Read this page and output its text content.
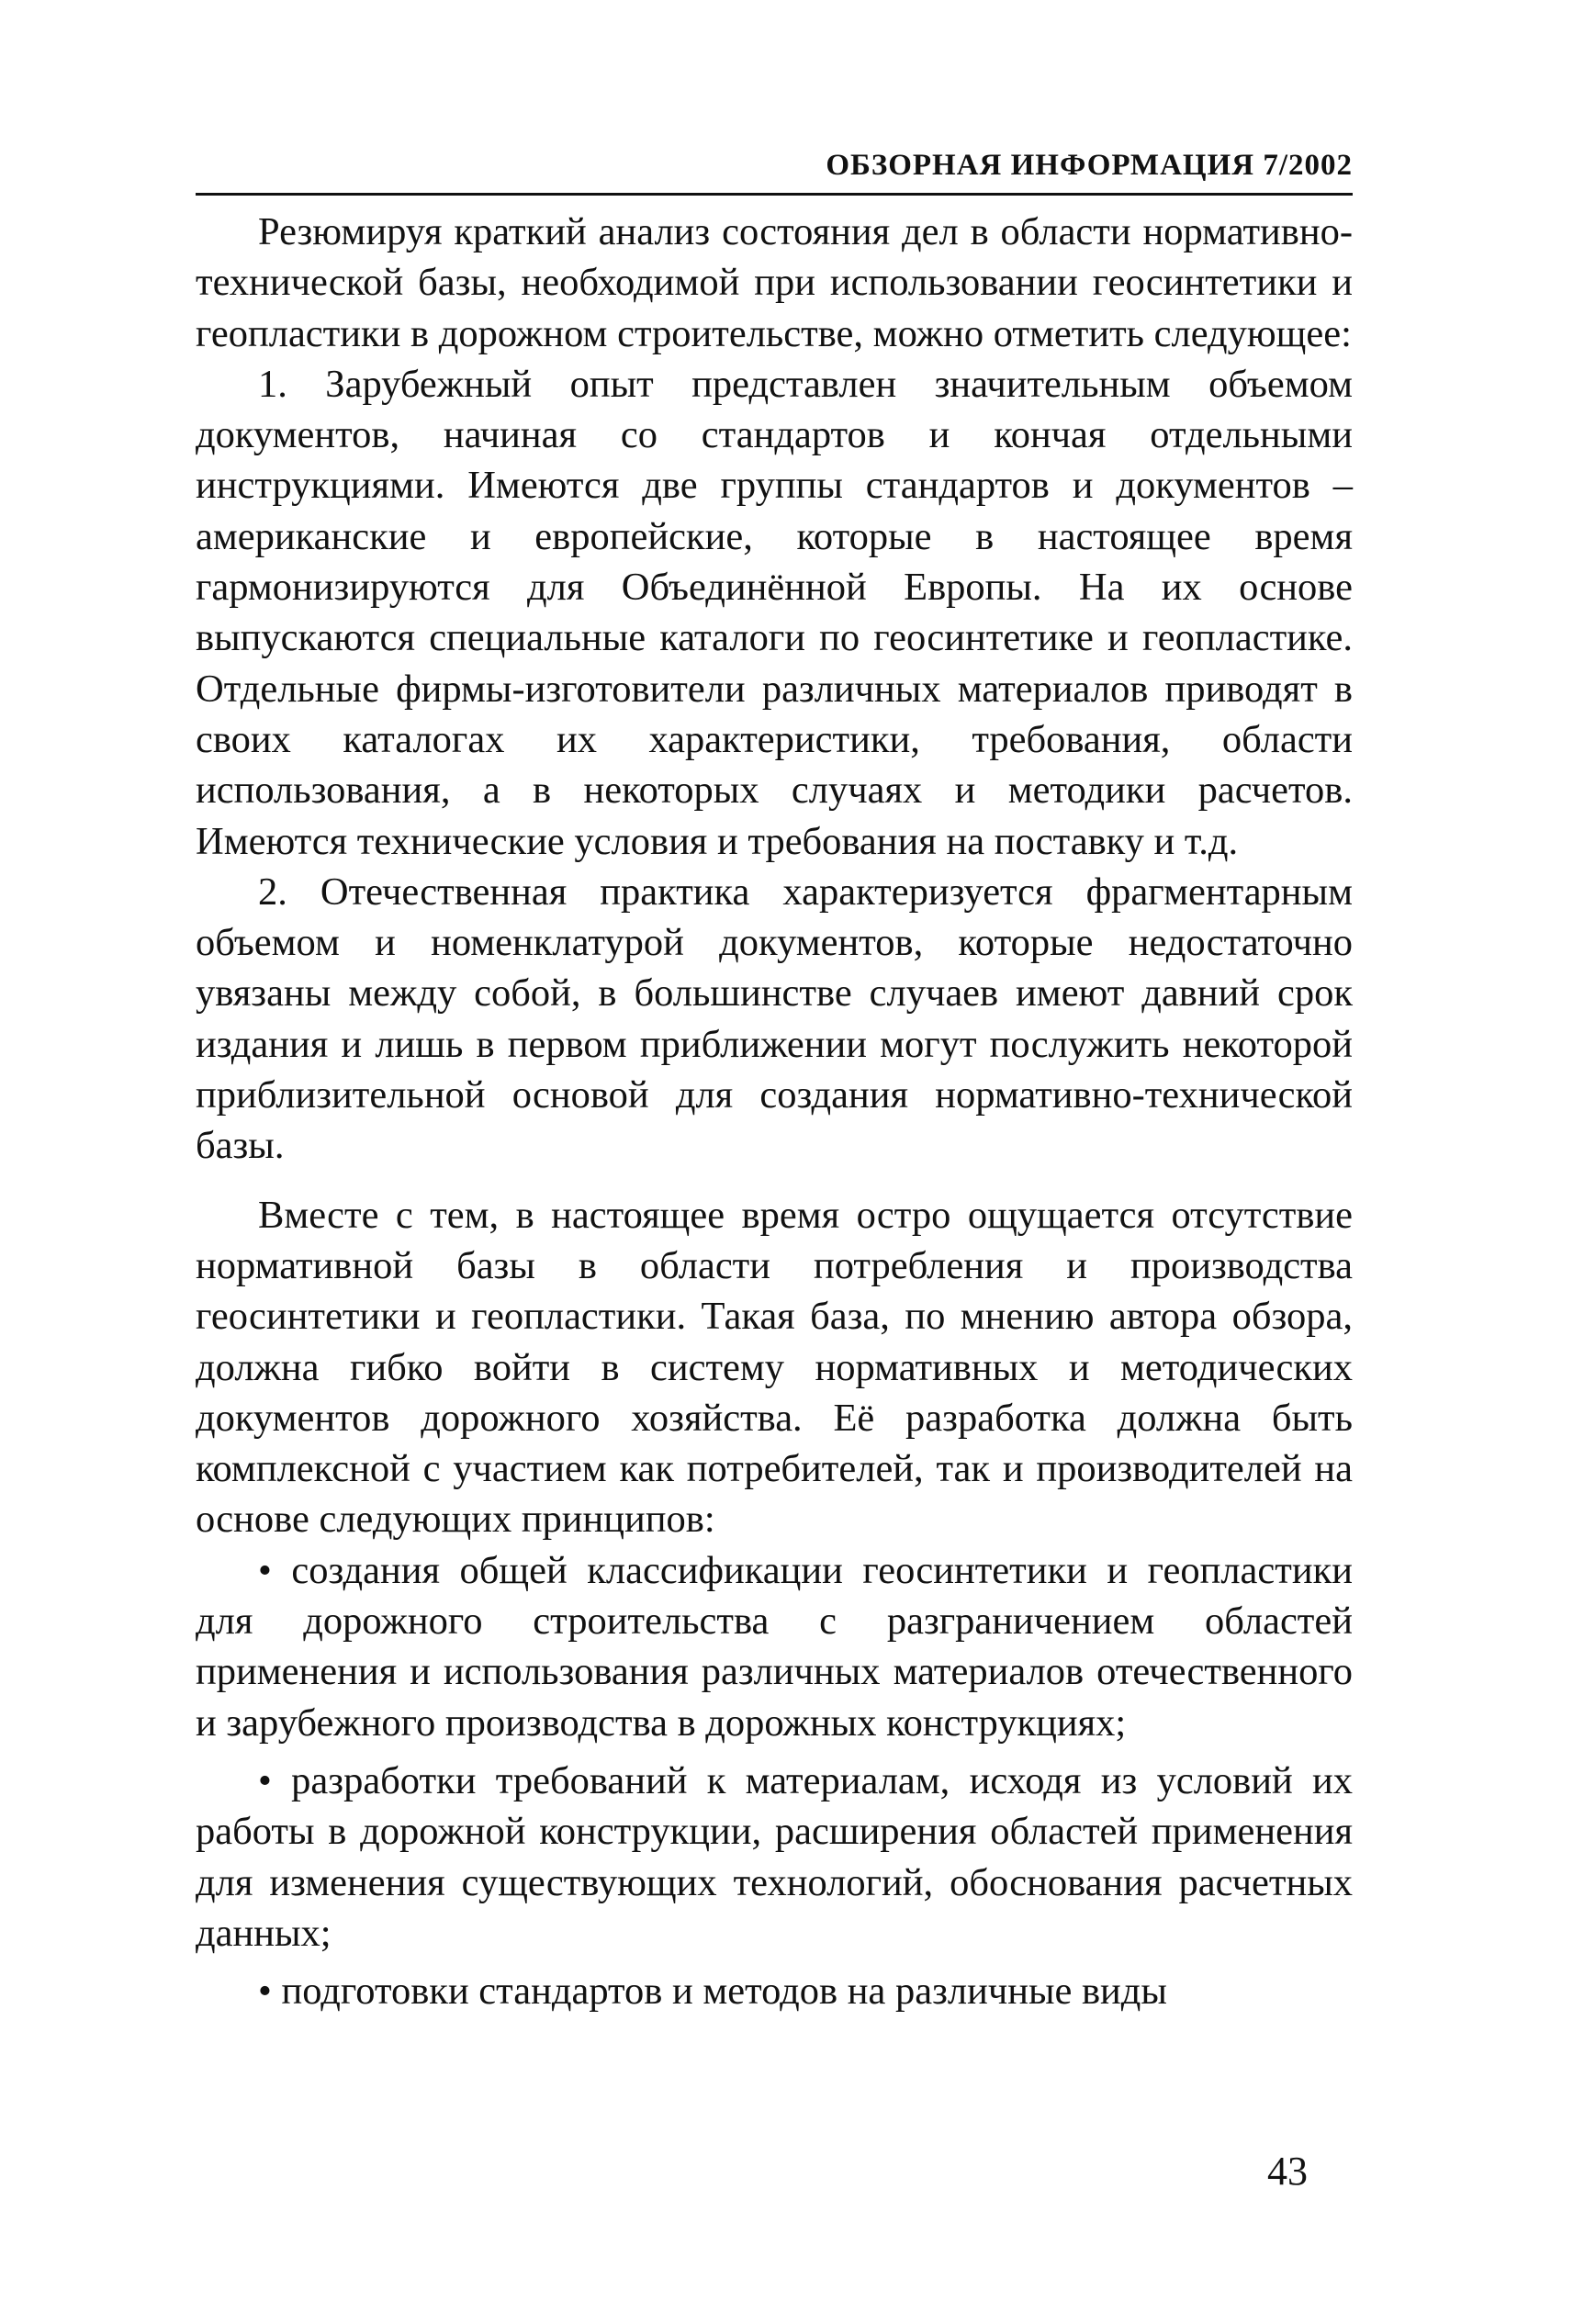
ОБЗОРНАЯ ИНФОРМАЦИЯ 7/2002

Резюмируя краткий анализ состояния дел в области нормативно-технической базы, необходимой при использовании геосинтетики и геопластики в дорожном строительстве, можно отметить следующее:

1. Зарубежный опыт представлен значительным объемом документов, начиная со стандартов и кончая отдельными инструкциями. Имеются две группы стандартов и документов – американские и европейские, которые в настоящее время гармонизируются для Объединённой Европы. На их основе выпускаются специальные каталоги по геосинтетике и геопластике. Отдельные фирмы-изготовители различных материалов приводят в своих каталогах их характеристики, требования, области использования, а в некоторых случаях и методики расчетов. Имеются технические условия и требования на поставку и т.д.

2. Отечественная практика характеризуется фрагментарным объемом и номенклатурой документов, которые недостаточно увязаны между собой, в большинстве случаев имеют давний срок издания и лишь в первом приближении могут послужить некоторой приблизительной основой для создания нормативно-технической базы.

Вместе с тем, в настоящее время остро ощущается отсутствие нормативной базы в области потребления и производства геосинтетики и геопластики. Такая база, по мнению автора обзора, должна гибко войти в систему нормативных и методических документов дорожного хозяйства. Её разработка должна быть комплексной с участием как потребителей, так и производителей на основе следующих принципов:

• создания общей классификации геосинтетики и геопластики для дорожного строительства с разграничением областей применения и использования различных материалов отечественного и зарубежного производства в дорожных конструкциях;

• разработки требований к материалам, исходя из условий их работы в дорожной конструкции, расширения областей применения для изменения существующих технологий, обоснования расчетных данных;

• подготовки стандартов и методов на различные виды

43
